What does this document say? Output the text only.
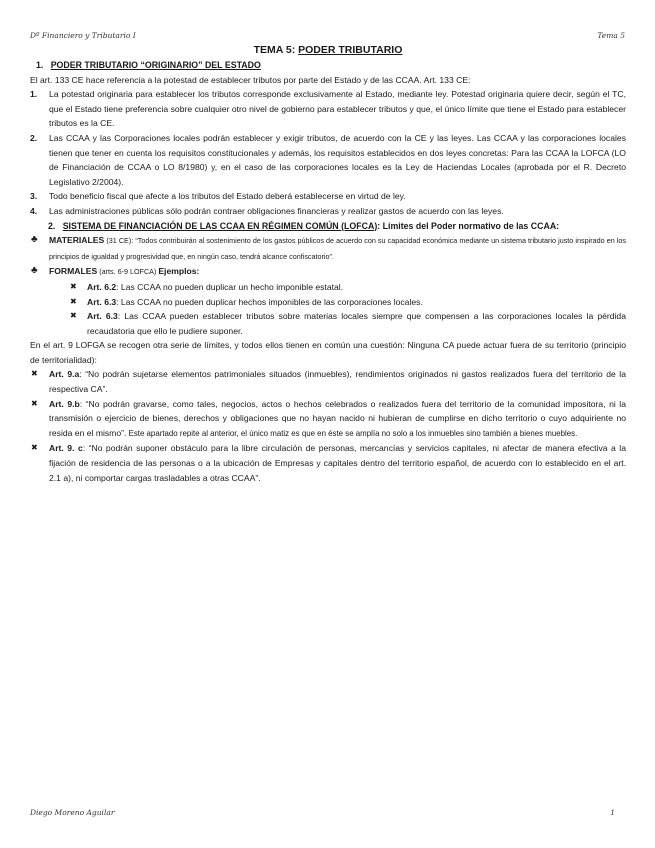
Dº Financiero y Tributario I	Tema 5
TEMA 5: PODER TRIBUTARIO
1. PODER TRIBUTARIO “ORIGINARIO” DEL ESTADO
El art. 133 CE hace referencia a la potestad de establecer tributos por parte del Estado y de las CCAA. Art. 133 CE:
1. La potestad originaria para establecer los tributos corresponde exclusivamente al Estado, mediante ley. Potestad originaria quiere decir, según el TC, que el Estado tiene preferencia sobre cualquier otro nivel de gobierno para establecer tributos y que, el único límite que tiene el Estado para establecer tributos es la CE.
2. Las CCAA y las Corporaciones locales podrán establecer y exigir tributos, de acuerdo con la CE y las leyes. Las CCAA y las corporaciones locales tienen que tener en cuenta los requisitos constitucionales y además, los requisitos establecidos en dos leyes concretas: Para las CCAA la LOFCA (LO de Financiación de CCAA o LO 8/1980) y, en el caso de las corporaciones locales es la Ley de Haciendas Locales (aprobada por el R. Decreto Legislativo 2/2004).
3. Todo beneficio fiscal que afecte a los tributos del Estado deberá establecerse en virtud de ley.
4. Las administraciones públicas sólo podrán contraer obligaciones financieras y realizar gastos de acuerdo con las leyes.
2. SISTEMA DE FINANCIACIÓN DE LAS CCAA EN RÉGIMEN COMÚN (LOFCA): Límites del Poder normativo de las CCAA:
♣ MATERIALES (31 CE): “Todos contribuirán al sostenimiento de los gastos públicos de acuerdo con su capacidad económica mediante un sistema tributario justo inspirado en los principios de igualdad y progresividad que, en ningún caso, tendrá alcance confiscatorio”.
♣ FORMALES (arts. 6-9 LOFCA) Ejemplos:
✖ Art. 6.2: Las CCAA no pueden duplicar un hecho imponible estatal.
✖ Art. 6.3: Las CCAA no pueden duplicar hechos imponibles de las corporaciones locales.
✖ Art. 6.3: Las CCAA pueden establecer tributos sobre materias locales siempre que compensen a las corporaciones locales la pérdida recaudatoria que ello le pudiere suponer.
En el art. 9 LOFGA se recogen otra serie de límites, y todos ellos tienen en común una cuestión: Ninguna CA puede actuar fuera de su territorio (principio de territorialidad):
✖ Art. 9.a: “No podrán sujetarse elementos patrimoniales situados (inmuebles), rendimientos originados ni gastos realizados fuera del territorio de la respectiva CA”.
✖ Art. 9.b: “No podrán gravarse, como tales, negocios, actos o hechos celebrados o realizados fuera del territorio de la comunidad impositora, ni la transmisión o ejercicio de bienes, derechos y obligaciones que no hayan nacido ni hubieran de cumplirse en dicho territorio o cuyo adquiriente no resida en el mismo”. Este apartado repite al anterior, el único matiz es que en éste se amplía no solo a los inmuebles sino también a bienes muebles.
✖ Art. 9. c: “No podrán suponer obstáculo para la libre circulación de personas, mercancías y servicios capitales, ni afectar de manera efectiva a la fijación de residencia de las personas o a la ubicación de Empresas y capitales dentro del territorio español, de acuerdo con lo establecido en el art. 2.1 a), ni comportar cargas trasladables a otras CCAA”.
Diego Moreno Aguilar	1
